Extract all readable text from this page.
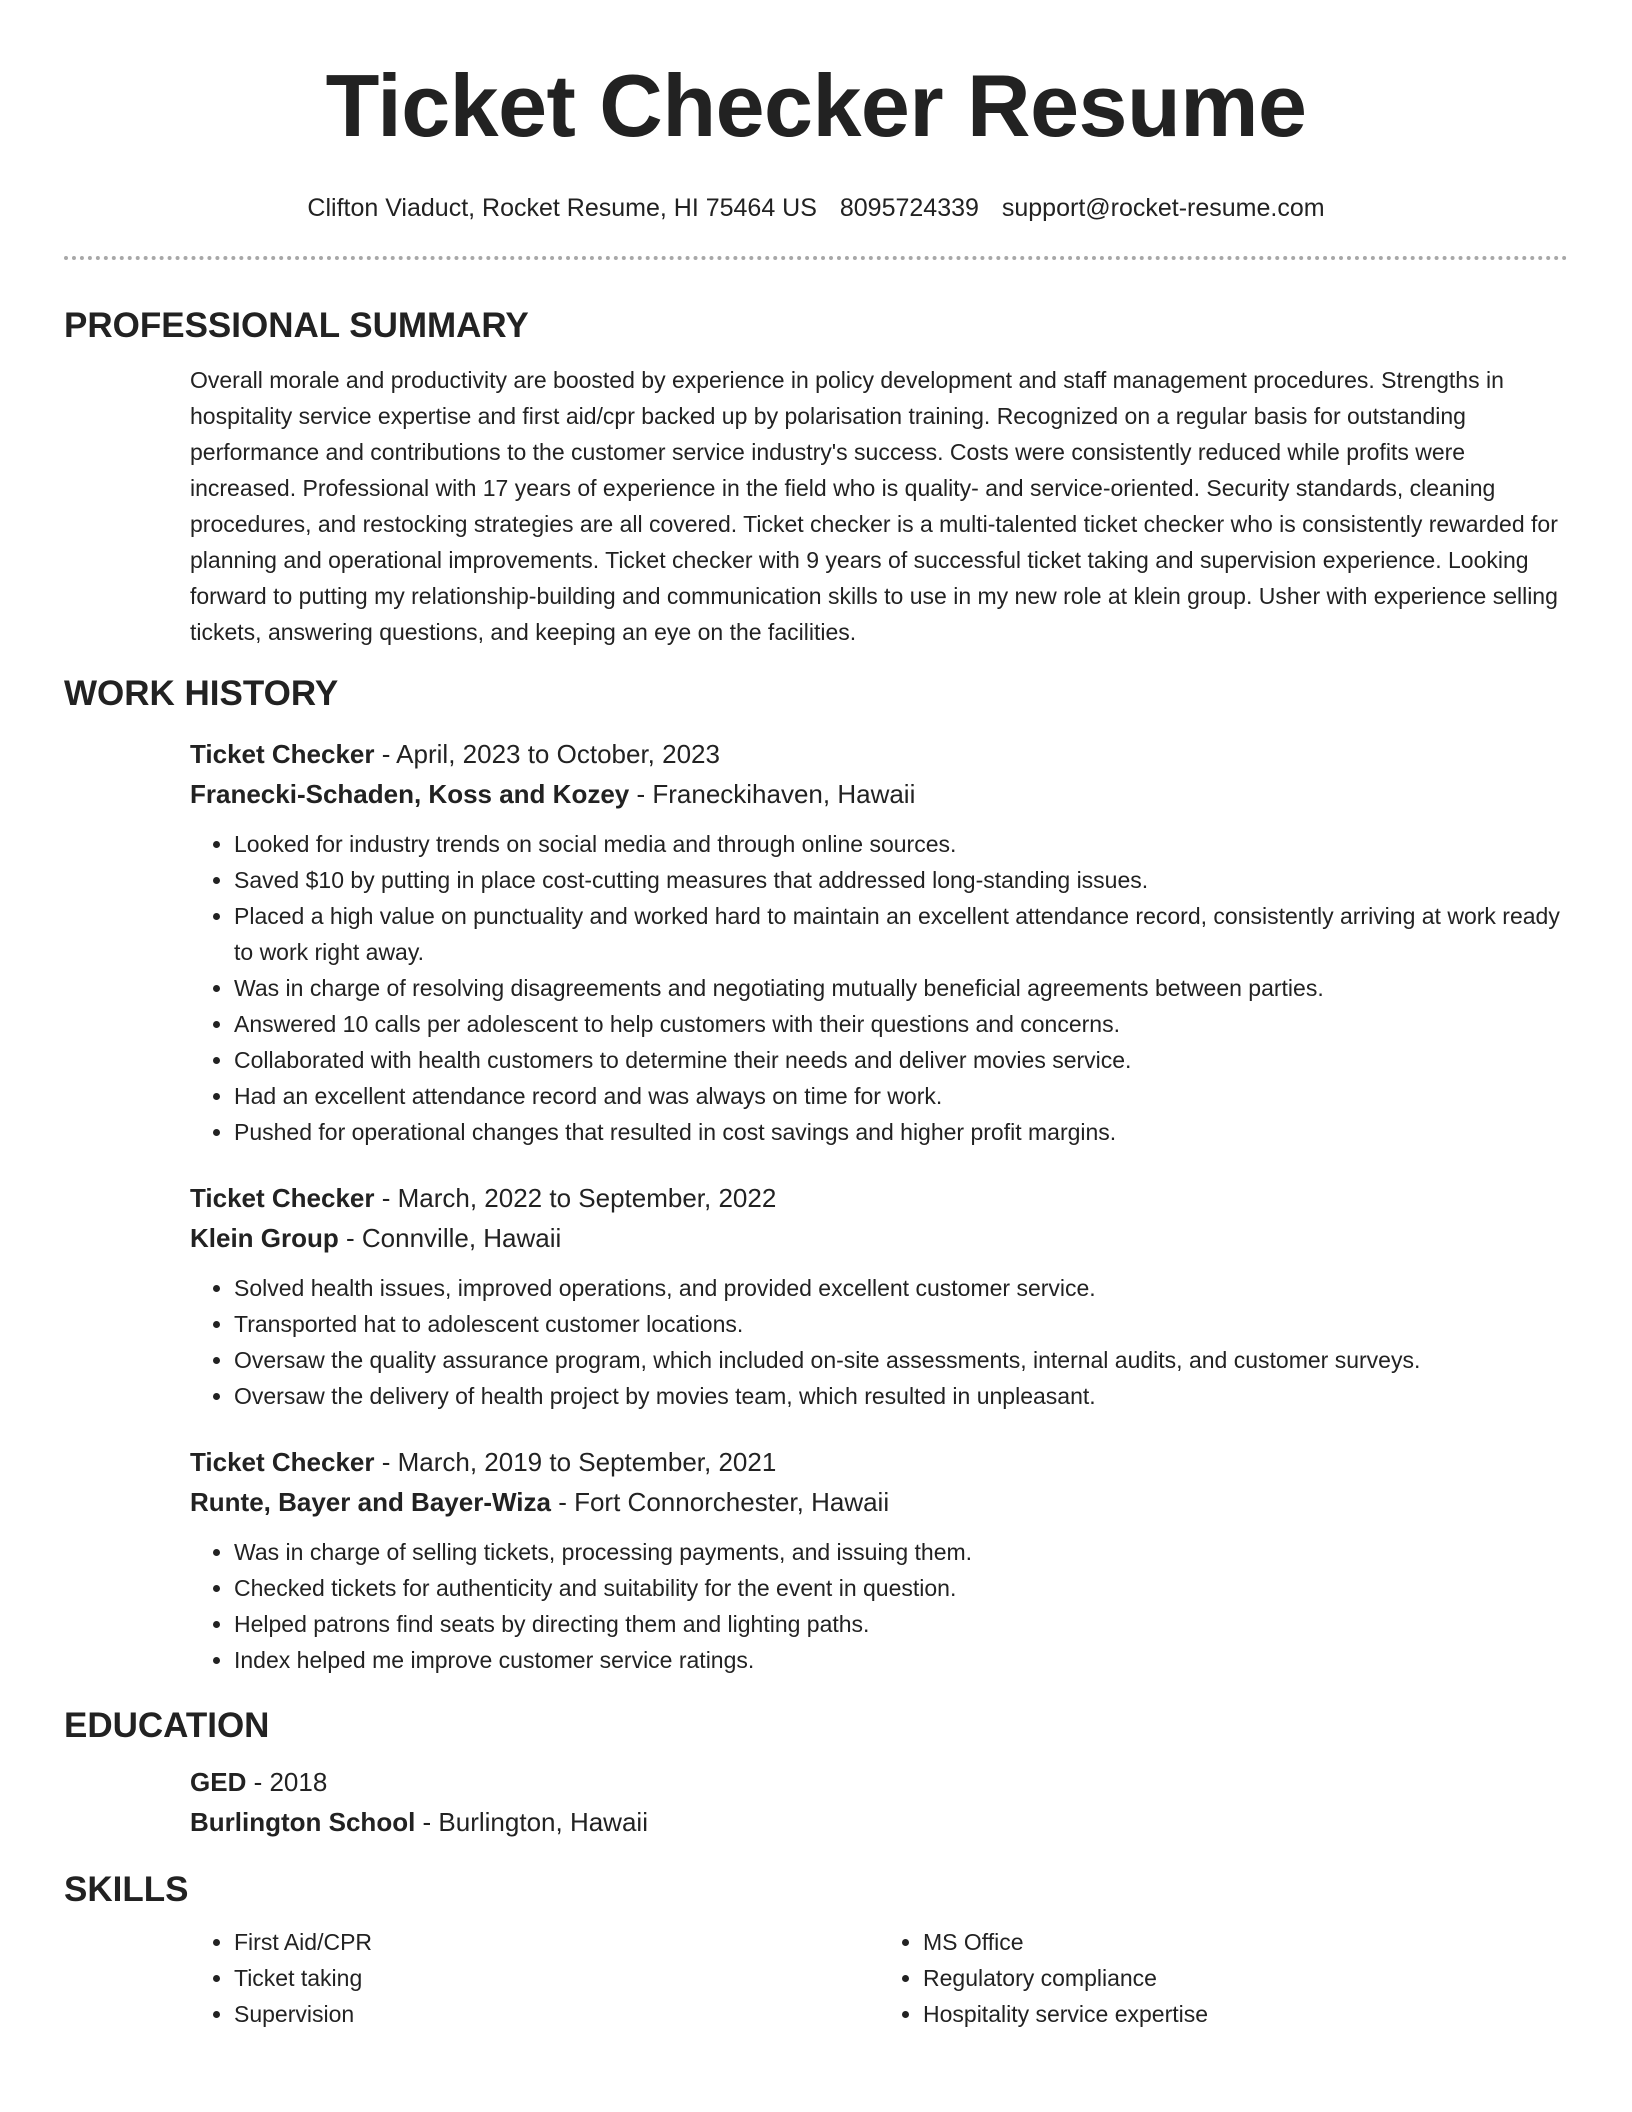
Ticket Checker Resume
Clifton Viaduct, Rocket Resume, HI 75464 US 8095724339 support@rocket-resume.com
PROFESSIONAL SUMMARY

Overall morale and productivity are boosted by experience in policy development and staff management procedures. Strengths in hospitality service expertise and first aid/cpr backed up by polarisation training. Recognized on a regular basis for outstanding performance and contributions to the customer service industry's success. Costs were consistently reduced while profits were increased. Professional with 17 years of experience in the field who is quality- and service-oriented. Security standards, cleaning procedures, and restocking strategies are all covered. Ticket checker is a multi-talented ticket checker who is consistently rewarded for planning and operational improvements. Ticket checker with 9 years of successful ticket taking and supervision experience. Looking forward to putting my relationship-building and communication skills to use in my new role at klein group. Usher with experience selling tickets, answering questions, and keeping an eye on the facilities.

WORK HISTORY
Ticket Checker - April, 2023 to October, 2023
Franecki-Schaden, Koss and Kozey - Franeckihaven, Hawaii
• Looked for industry trends on social media and through online sources.
• Saved $10 by putting in place cost-cutting measures that addressed long-standing issues.
• Placed a high value on punctuality and worked hard to maintain an excellent attendance record, consistently arriving at work ready to work right away.
• Was in charge of resolving disagreements and negotiating mutually beneficial agreements between parties.
• Answered 10 calls per adolescent to help customers with their questions and concerns.
• Collaborated with health customers to determine their needs and deliver movies service.
• Had an excellent attendance record and was always on time for work.
• Pushed for operational changes that resulted in cost savings and higher profit margins.
Ticket Checker - March, 2022 to September, 2022
Klein Group - Connville, Hawaii
• Solved health issues, improved operations, and provided excellent customer service.
• Transported hat to adolescent customer locations.
• Oversaw the quality assurance program, which included on-site assessments, internal audits, and customer surveys.
• Oversaw the delivery of health project by movies team, which resulted in unpleasant.
Ticket Checker - March, 2019 to September, 2021
Runte, Bayer and Bayer-Wiza - Fort Connorchester, Hawaii
• Was in charge of selling tickets, processing payments, and issuing them.
• Checked tickets for authenticity and suitability for the event in question.
• Helped patrons find seats by directing them and lighting paths.
• Index helped me improve customer service ratings.
EDUCATION
GED - 2018
Burlington School - Burlington, Hawaii
SKILLS
• First Aid/CPR
• Ticket taking
• Supervision
• MS Office
• Regulatory compliance
• Hospitality service expertise
